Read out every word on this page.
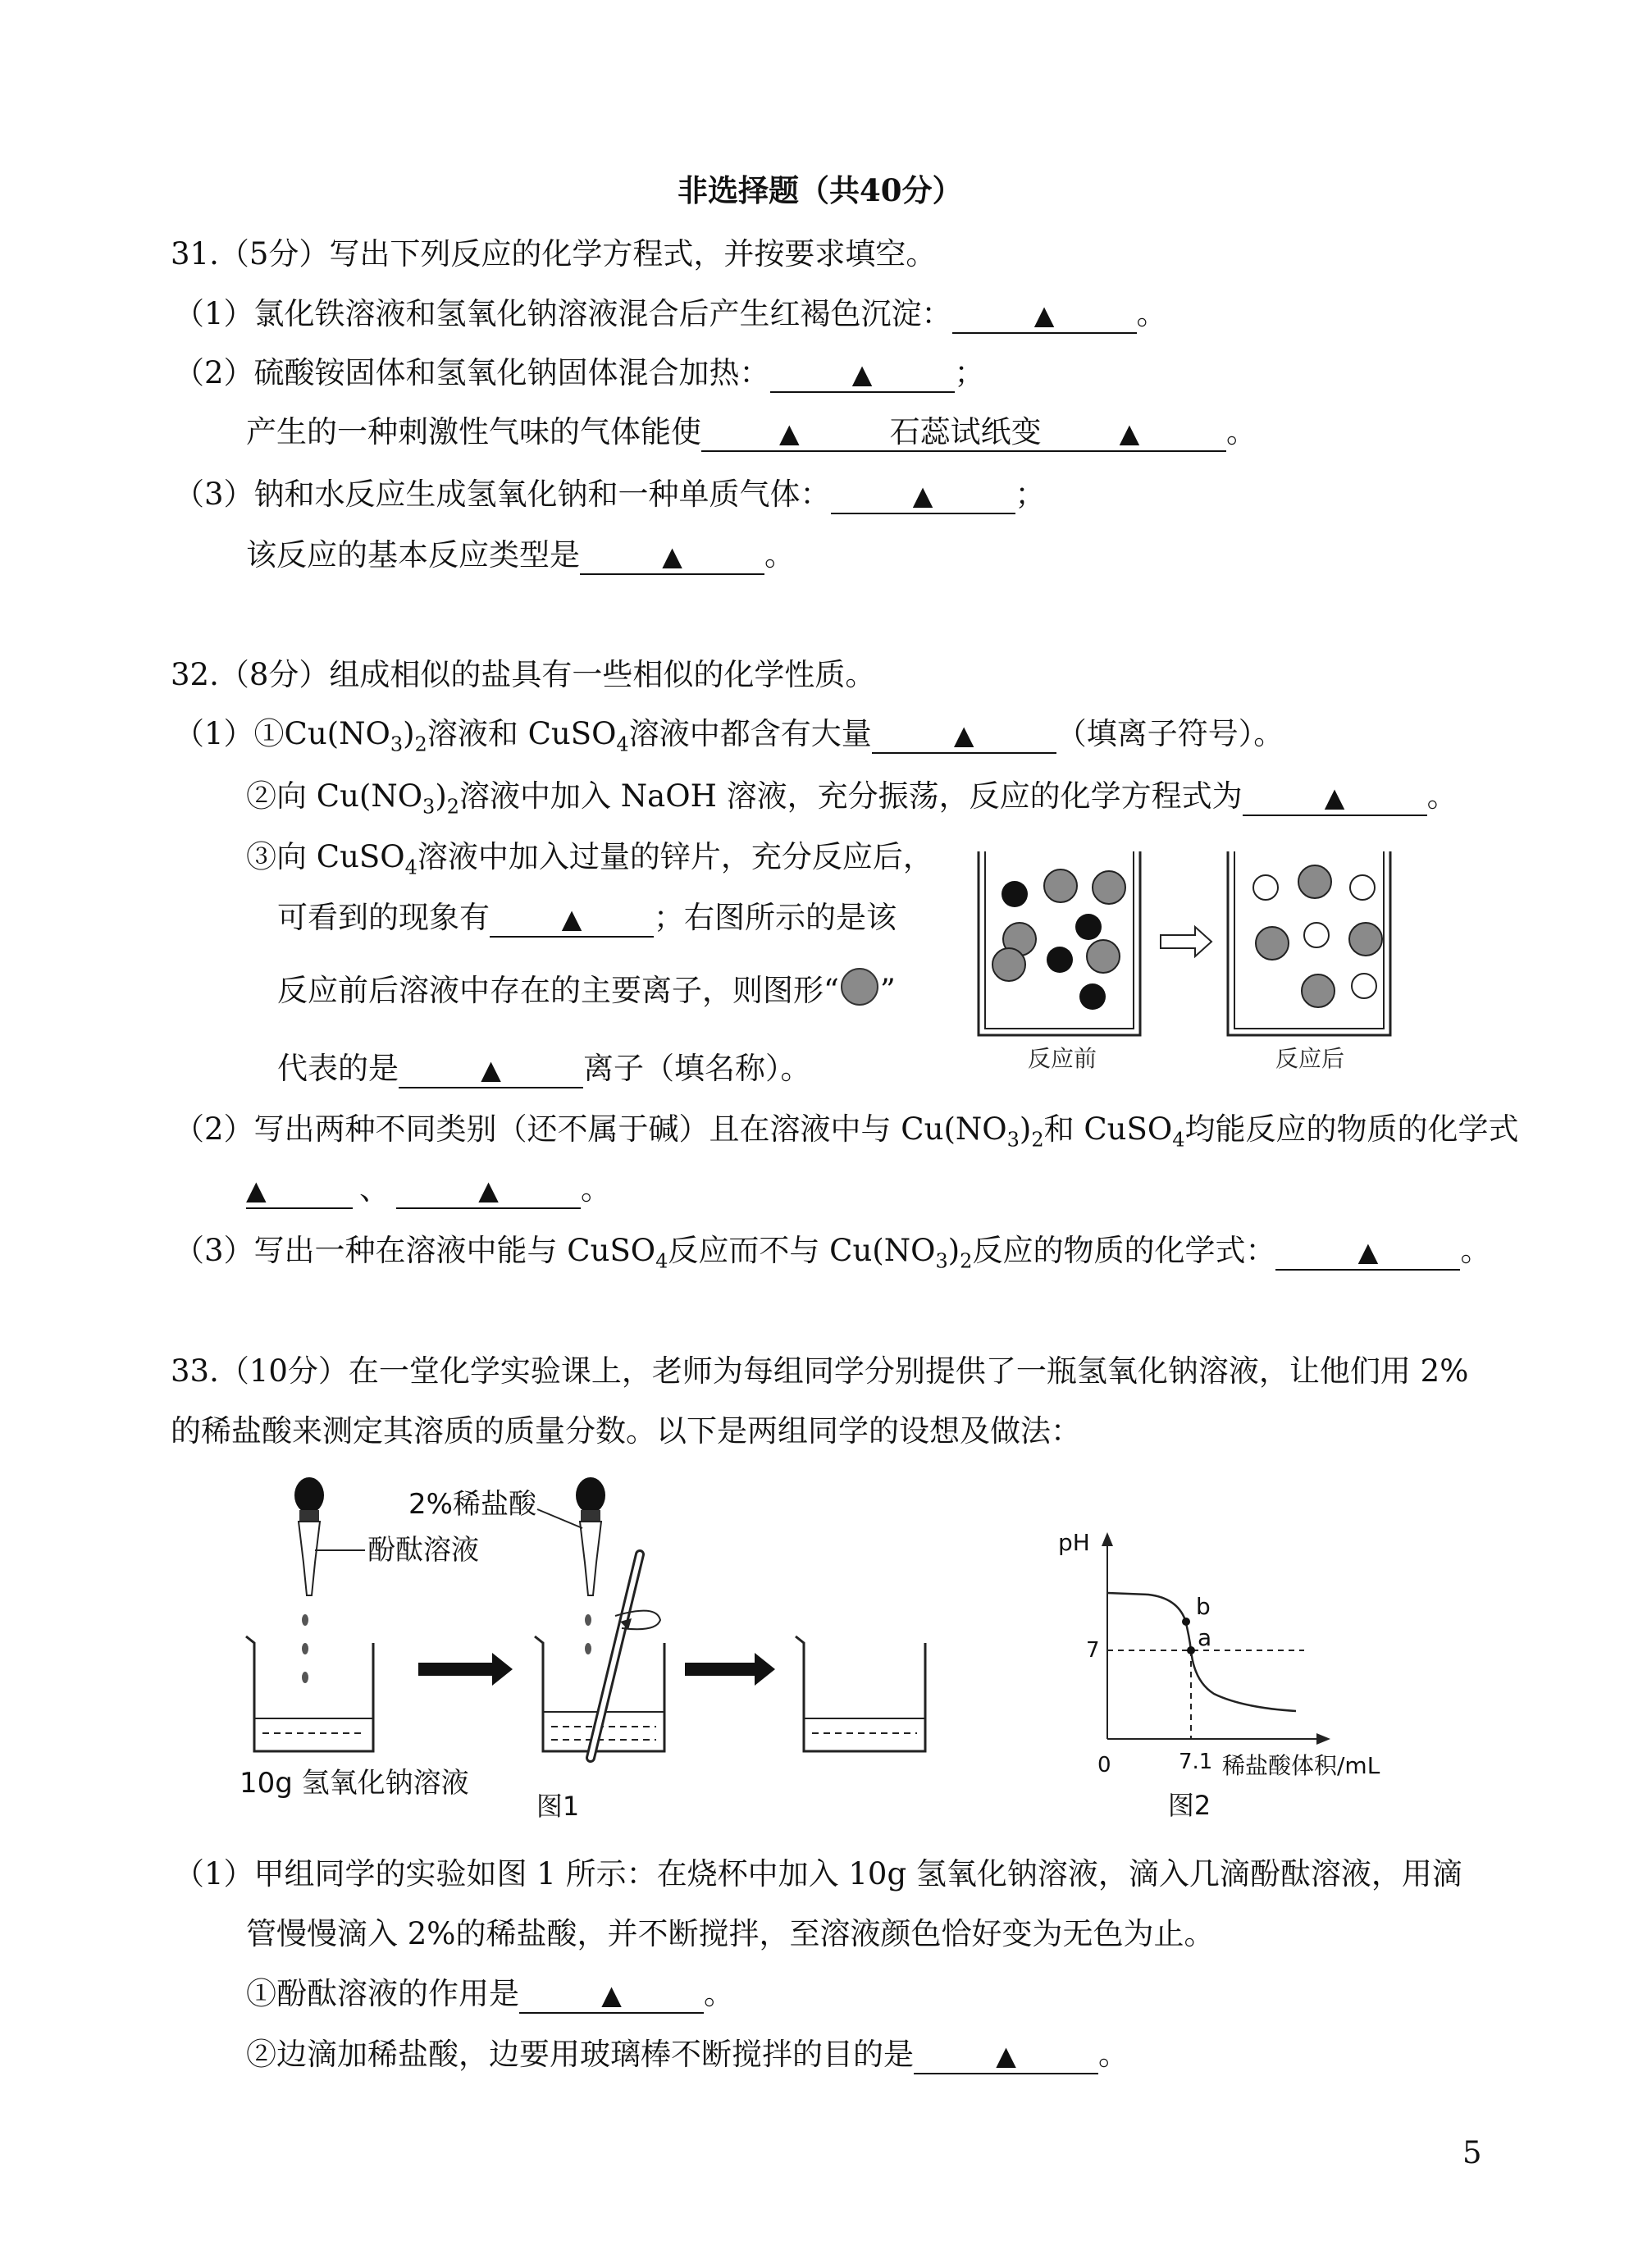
非选择题（共40分）
31.（5分）写出下列反应的化学方程式，并按要求填空。
（1）氯化铁溶液和氢氧化钠溶液混合后产生红褐色沉淀：	▲	。
（2）硫酸铵固体和氢氧化钠固体混合加热：	▲	；
产生的一种刺激性气味的气体能使	▲	石蕊试纸变	▲	。
（3）钠和水反应生成氢氧化钠和一种单质气体：	▲	；
该反应的基本反应类型是	▲	。
32.（8分）组成相似的盐具有一些相似的化学性质。
$(1)①Cu(NO_3)_2$溶液和 CuSO$_4$溶液中都含有大量	▲	（填离子符号）。
②向 $Cu(NO_3)_2$溶液中加入 NaOH 溶液，充分振荡，反应的化学方程式为	▲	。
③向 CuSO$_4$溶液中加入过量的锌片，充分反应后，
可看到的现象有	▲ ；右图所示的是该
反应前后溶液中存在的主要离子，则图形“ ”
代表的是	▲	离子（填名称）。	反应前	反应后
（2）写出两种不同类别（还不属于碱）且在溶液中与 $Cu(NO_3)_2$和 CuSO$_4$均能反应的物质的化学式
▲	、	▲	。
（3）写出一种在溶液中能与 CuSO$_4$反应而不与 $Cu(NO_3)_2$反应的物质的化学式：	▲	。
33.（10分）在一堂化学实验课上，老师为每组同学分别提供了一瓶氢氧化钠溶液，让他们用 2%
的稀盐酸来测定其溶质的质量分数。以下是两组同学的设想及做法：
酚酞溶液
10g 氢氧化钠溶液
2%稀盐酸
图1
pH
7
0	7.1 稀盐酸体积/mL
b
a
图2
（1）甲组同学的实验如图 1 所示：在烧杯中加入 10g 氢氧化钠溶液，滴入几滴酚酞溶液，用滴
管慢慢滴入 2%的稀盐酸，并不断搅拌，至溶液颜色恰好变为无色为止。
①酚酞溶液的作用是	▲	。
②边滴加稀盐酸，边要用玻璃棒不断搅拌的目的是	▲	。
5
